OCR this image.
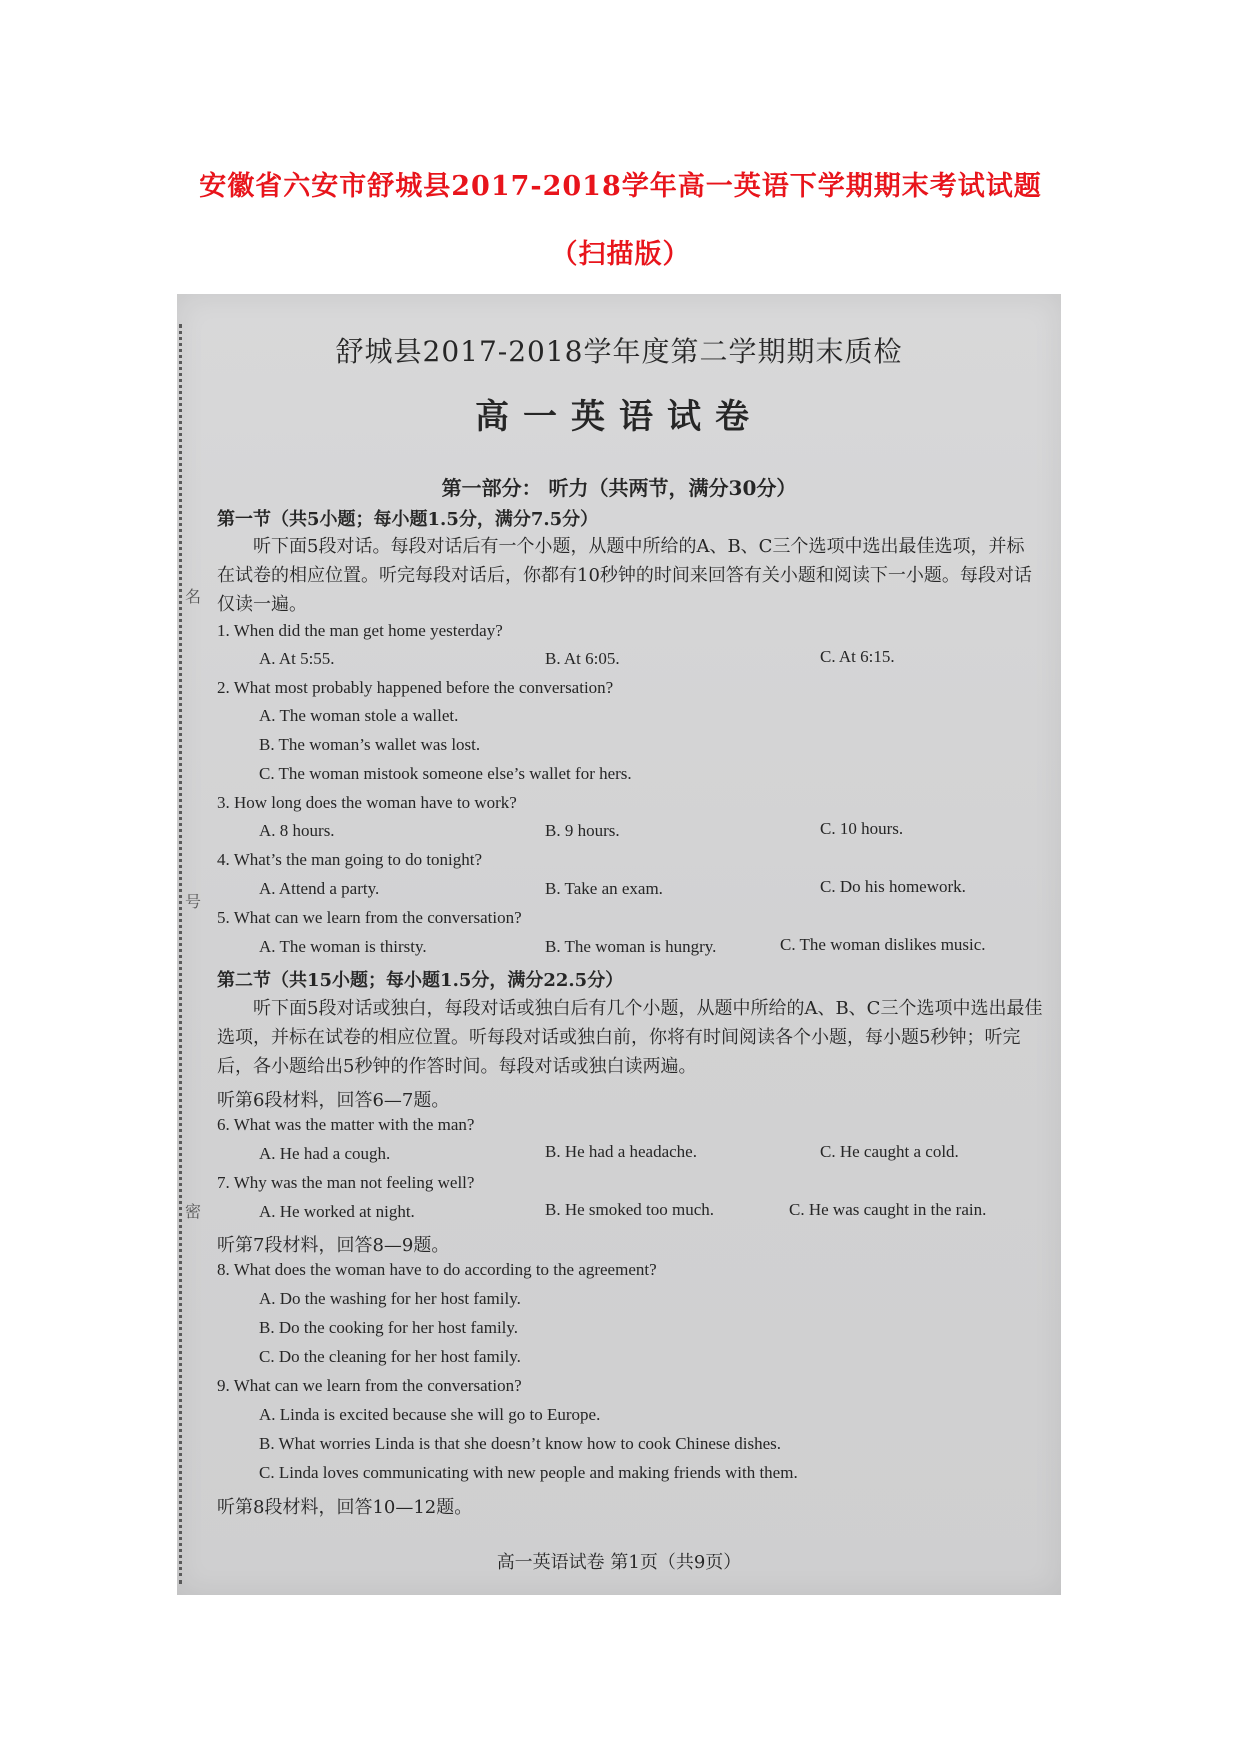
安徽省六安市舒城县2017-2018学年高一英语下学期期末考试试题
（扫描版）
名
号
密
舒城县2017-2018学年度第二学期期末质检
高一英语试卷
第一部分： 听力（共两节，满分30分）
第一节（共5小题；每小题1.5分，满分7.5分）
听下面5段对话。每段对话后有一个小题，从题中所给的A、B、C三个选项中选出最佳选项，并标在试卷的相应位置。听完每段对话后，你都有10秒钟的时间来回答有关小题和阅读下一小题。每段对话仅读一遍。
1. When did the man get home yesterday?
A. At 5:55.	B. At 6:05.	C. At 6:15.
2. What most probably happened before the conversation?
A. The woman stole a wallet.
B. The woman’s wallet was lost.
C. The woman mistook someone else’s wallet for hers.
3. How long does the woman have to work?
A. 8 hours.	B. 9 hours.	C. 10 hours.
4. What’s the man going to do tonight?
A. Attend a party.	B. Take an exam.	C. Do his homework.
5. What can we learn from the conversation?
A. The woman is thirsty.	B. The woman is hungry.	C. The woman dislikes music.
第二节（共15小题；每小题1.5分，满分22.5分）
听下面5段对话或独白，每段对话或独白后有几个小题，从题中所给的A、B、C三个选项中选出最佳选项，并标在试卷的相应位置。听每段对话或独白前，你将有时间阅读各个小题，每小题5秒钟；听完后，各小题给出5秒钟的作答时间。每段对话或独白读两遍。
听第6段材料，回答6—7题。
6. What was the matter with the man?
A. He had a cough.	B. He had a headache.	C. He caught a cold.
7. Why was the man not feeling well?
A. He worked at night.	B. He smoked too much.	C. He was caught in the rain.
听第7段材料，回答8—9题。
8. What does the woman have to do according to the agreement?
A. Do the washing for her host family.
B. Do the cooking for her host family.
C. Do the cleaning for her host family.
9. What can we learn from the conversation?
A. Linda is excited because she will go to Europe.
B. What worries Linda is that she doesn’t know how to cook Chinese dishes.
C. Linda loves communicating with new people and making friends with them.
听第8段材料，回答10—12题。
高一英语试卷 第1页（共9页）
